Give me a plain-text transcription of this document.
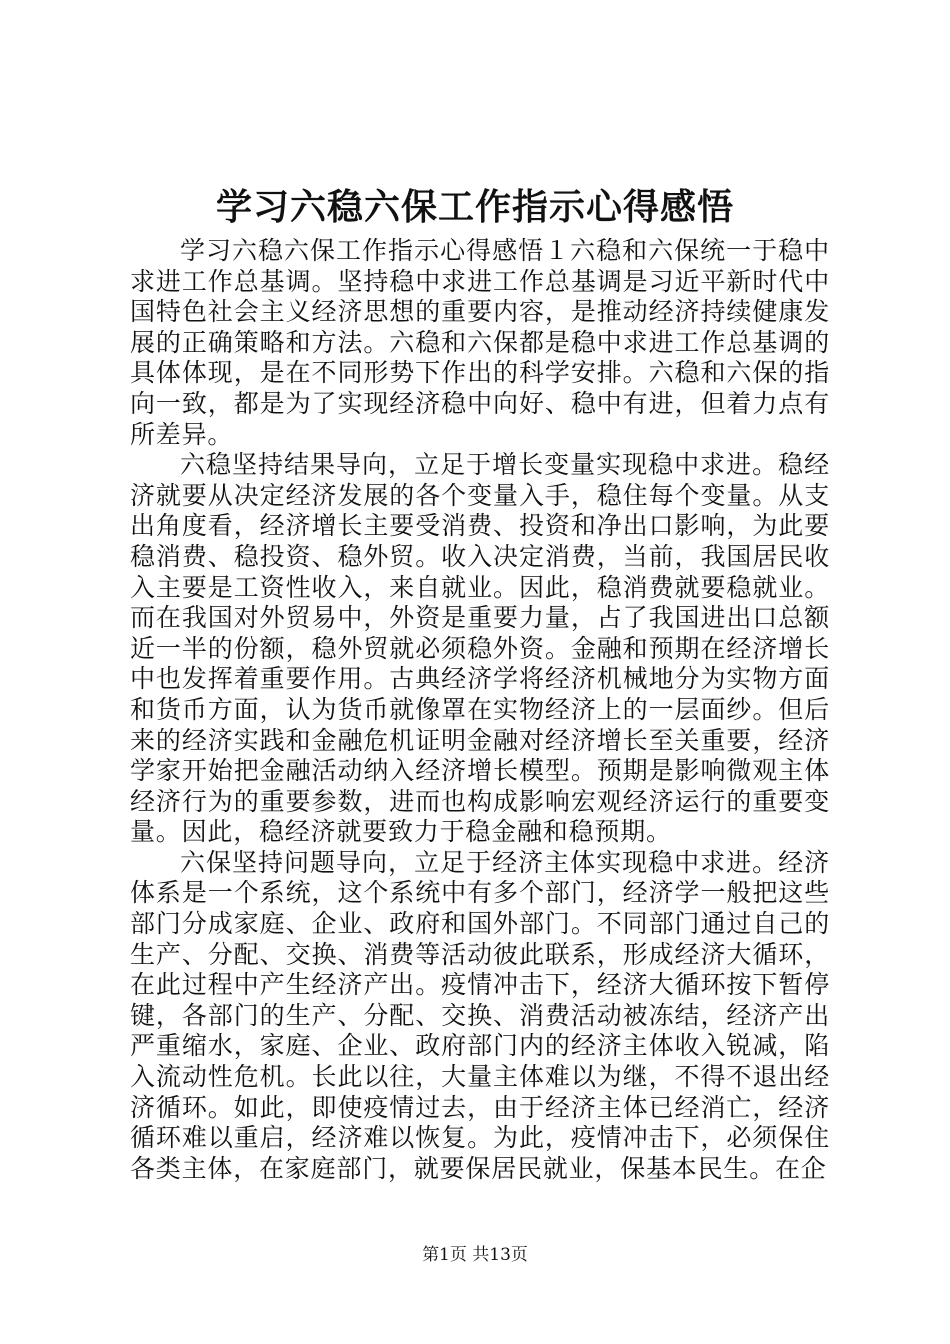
学习六稳六保工作指示心得感悟

学习六稳六保工作指示心得感悟１六稳和六保统一于稳中求进工作总基调。坚持稳中求进工作总基调是习近平新时代中国特色社会主义经济思想的重要内容，是推动经济持续健康发展的正确策略和方法。六稳和六保都是稳中求进工作总基调的具体体现，是在不同形势下作出的科学安排。六稳和六保的指向一致，都是为了实现经济稳中向好、稳中有进，但着力点有所差异。

六稳坚持结果导向，立足于增长变量实现稳中求进。稳经济就要从决定经济发展的各个变量入手，稳住每个变量。从支出角度看，经济增长主要受消费、投资和净出口影响，为此要稳消费、稳投资、稳外贸。收入决定消费，当前，我国居民收入主要是工资性收入，来自就业。因此，稳消费就要稳就业。而在我国对外贸易中，外资是重要力量，占了我国进出口总额近一半的份额，稳外贸就必须稳外资。金融和预期在经济增长中也发挥着重要作用。古典经济学将经济机械地分为实物方面和货币方面，认为货币就像罩在实物经济上的一层面纱。但后来的经济实践和金融危机证明金融对经济增长至关重要，经济学家开始把金融活动纳入经济增长模型。预期是影响微观主体经济行为的重要参数，进而也构成影响宏观经济运行的重要变量。因此，稳经济就要致力于稳金融和稳预期。

六保坚持问题导向，立足于经济主体实现稳中求进。经济体系是一个系统，这个系统中有多个部门，经济学一般把这些部门分成家庭、企业、政府和国外部门。不同部门通过自己的生产、分配、交换、消费等活动彼此联系，形成经济大循环，在此过程中产生经济产出。疫情冲击下，经济大循环按下暂停键，各部门的生产、分配、交换、消费活动被冻结，经济产出严重缩水，家庭、企业、政府部门内的经济主体收入锐减，陷入流动性危机。长此以往，大量主体难以为继，不得不退出经济循环。如此，即使疫情过去，由于经济主体已经消亡，经济循环难以重启，经济难以恢复。为此，疫情冲击下，必须保住各类主体，在家庭部门，就要保居民就业，保基本民生。在企

第1页 共13页
